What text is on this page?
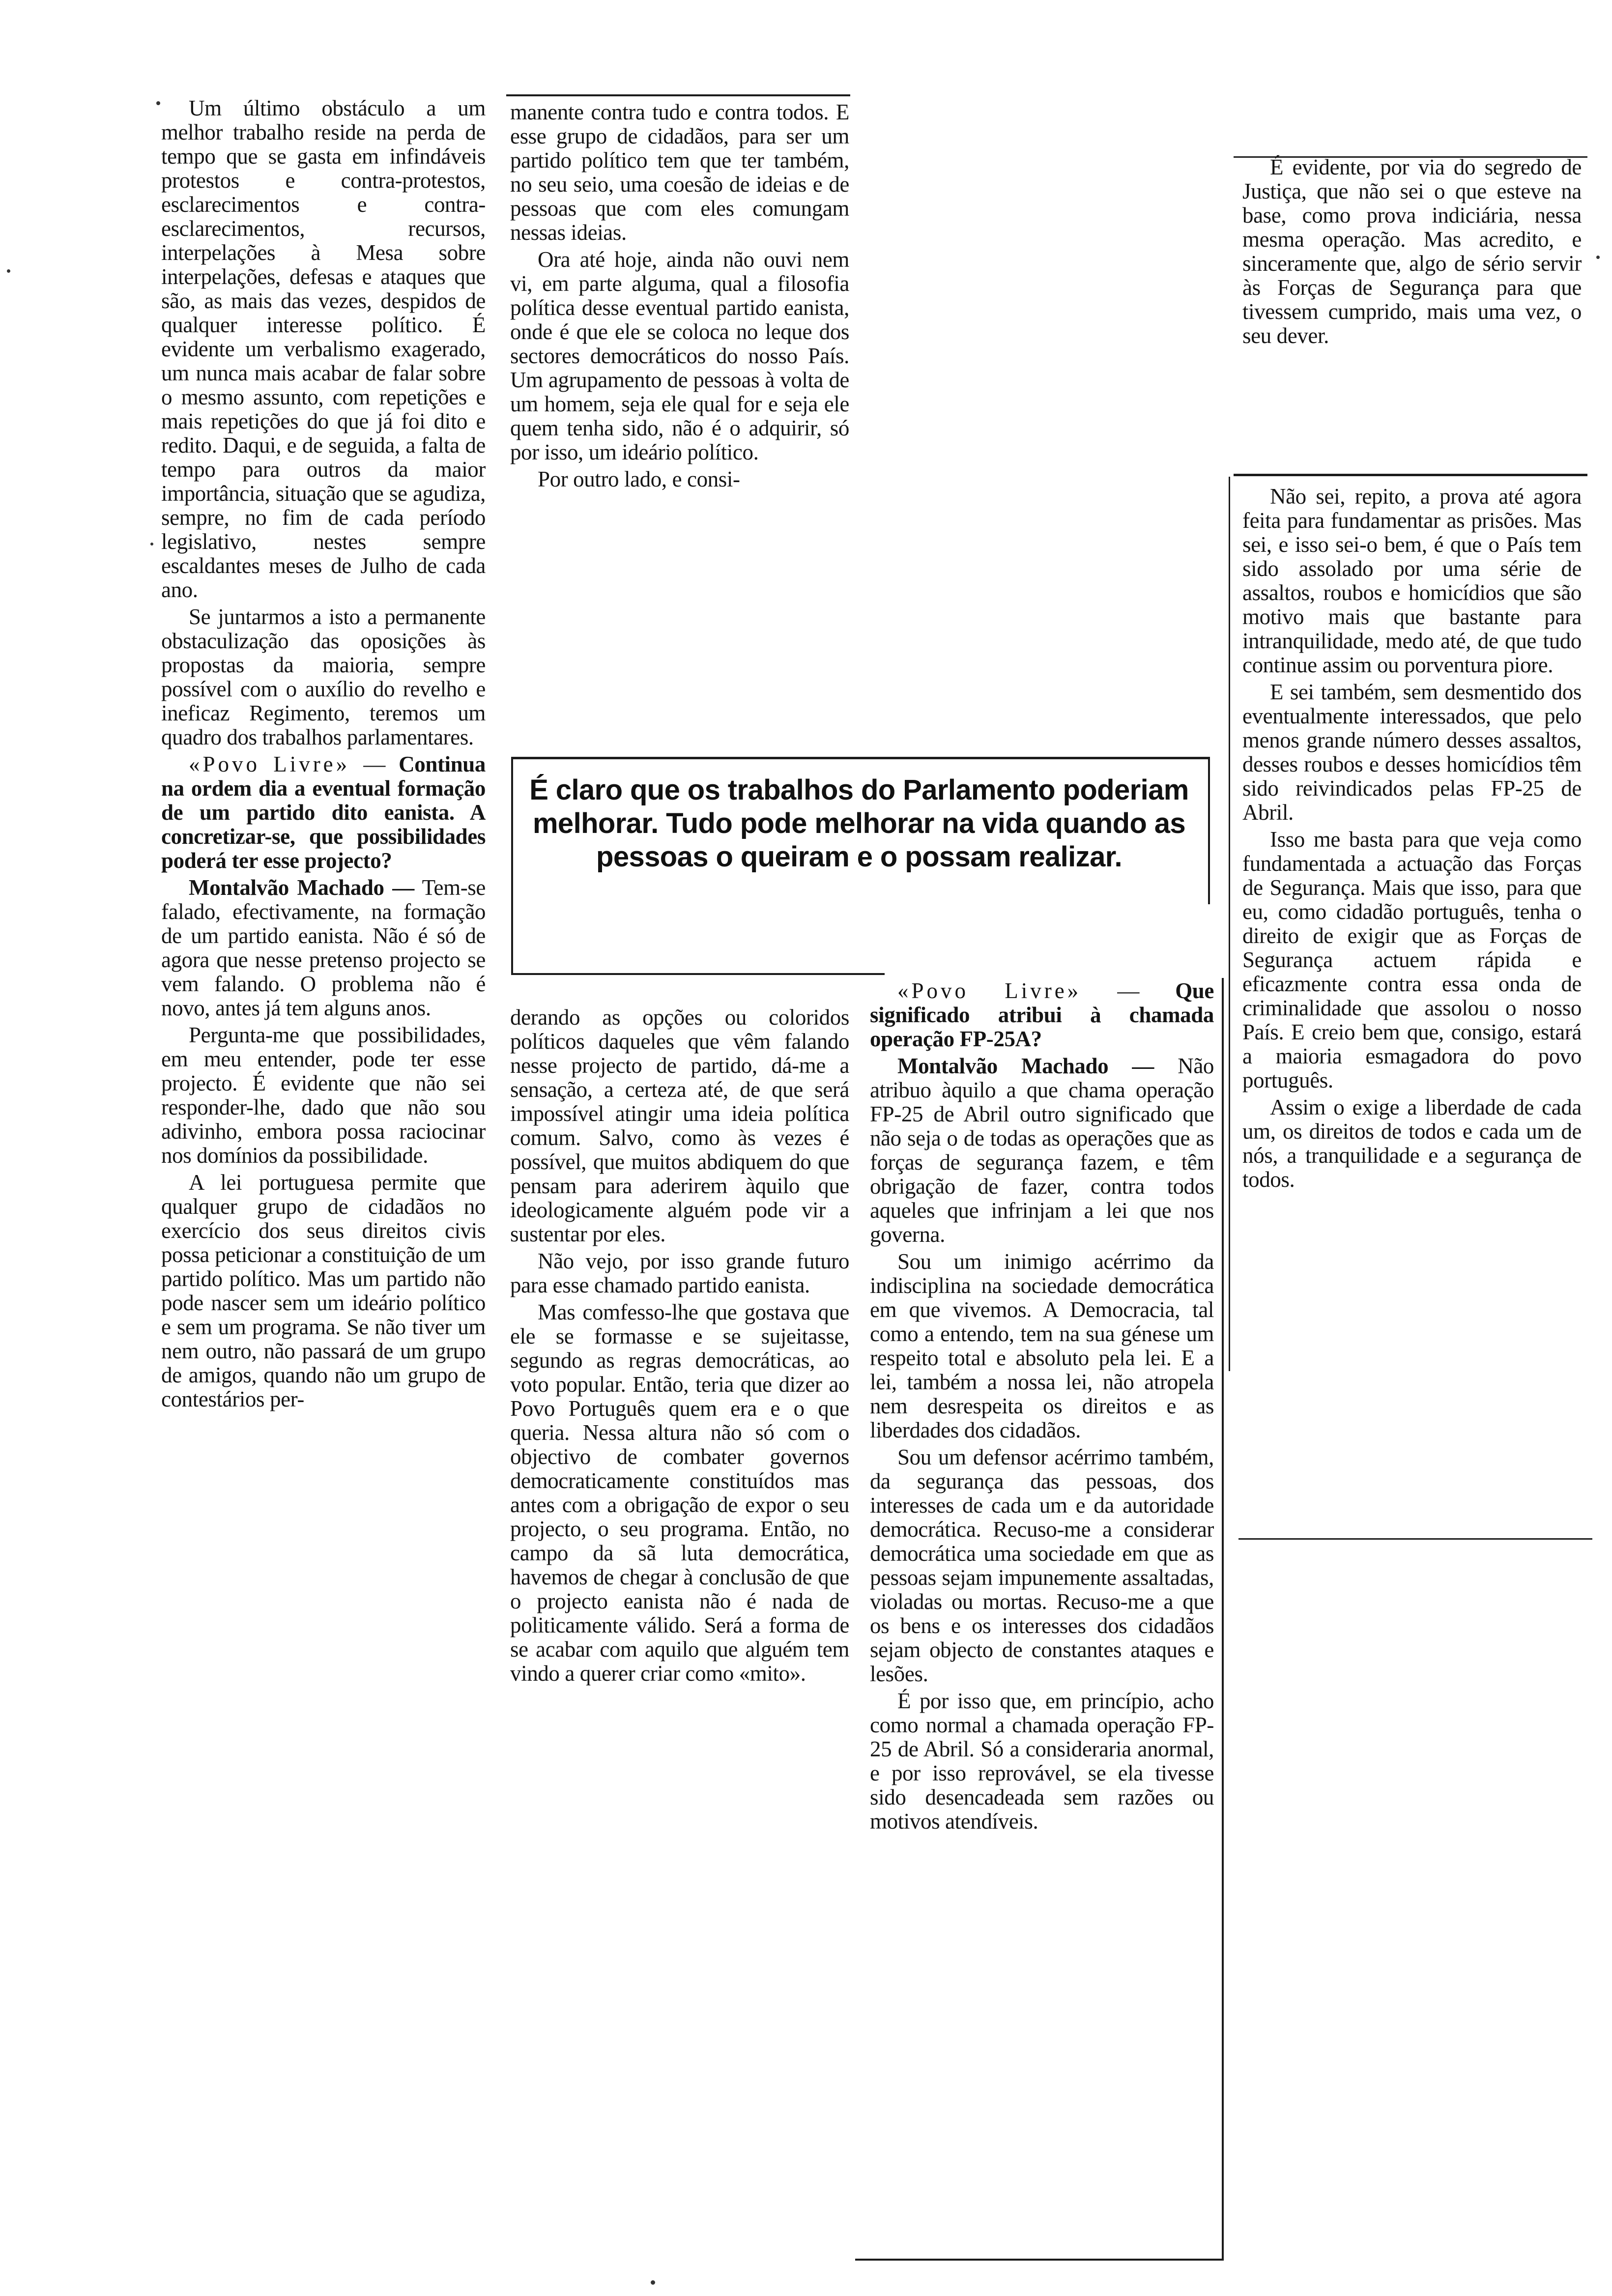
Um último obstáculo a um melhor trabalho reside na perda de tempo que se gasta em infindáveis protestos e contra-protestos, esclarecimentos e contra-esclarecimentos, recursos, interpelações à Mesa sobre interpelações, defesas e ataques que são, as mais das vezes, despidos de qualquer interesse político. É evidente um verbalismo exagerado, um nunca mais acabar de falar sobre o mesmo assunto, com repetições e mais repetições do que já foi dito e redito. Daqui, e de seguida, a falta de tempo para outros da maior importância, situação que se agudiza, sempre, no fim de cada período legislativo, nestes sempre escaldantes meses de Julho de cada ano.

Se juntarmos a isto a permanente obstaculização das oposições às propostas da maioria, sempre possível com o auxílio do revelho e ineficaz Regimento, teremos um quadro dos trabalhos parlamentares.

«Povo Livre» — Continua na ordem dia a eventual formação de um partido dito eanista. A concretizar-se, que possibilidades poderá ter esse projecto?

Montalvão Machado — Tem-se falado, efectivamente, na formação de um partido eanista. Não é só de agora que nesse pretenso projecto se vem falando. O problema não é novo, antes já tem alguns anos.

Pergunta-me que possibilidades, em meu entender, pode ter esse projecto. É evidente que não sei responder-lhe, dado que não sou adivinho, embora possa raciocinar nos domínios da possibilidade.

A lei portuguesa permite que qualquer grupo de cidadãos no exercício dos seus direitos civis possa peticionar a constituição de um partido político. Mas um partido não pode nascer sem um ideário político e sem um programa. Se não tiver um nem outro, não passará de um grupo de amigos, quando não um grupo de contestários per-

manente contra tudo e contra todos. E esse grupo de cidadãos, para ser um partido político tem que ter também, no seu seio, uma coesão de ideias e de pessoas que com eles comungam nessas ideias.

Ora até hoje, ainda não ouvi nem vi, em parte alguma, qual a filosofia política desse eventual partido eanista, onde é que ele se coloca no leque dos sectores democráticos do nosso País. Um agrupamento de pessoas à volta de um homem, seja ele qual for e seja ele quem tenha sido, não é o adquirir, só por isso, um ideário político.

Por outro lado, e consi-

É claro que os trabalhos do Parlamento poderiam melhorar. Tudo pode melhorar na vida quando as pessoas o queiram e o possam realizar.

derando as opções ou coloridos políticos daqueles que vêm falando nesse projecto de partido, dá-me a sensação, a certeza até, de que será impossível atingir uma ideia política comum. Salvo, como às vezes é possível, que muitos abdiquem do que pensam para aderirem àquilo que ideologicamente alguém pode vir a sustentar por eles.

Não vejo, por isso grande futuro para esse chamado partido eanista.

Mas comfesso-lhe que gostava que ele se formasse e se sujeitasse, segundo as regras democráticas, ao voto popular. Então, teria que dizer ao Povo Português quem era e o que queria. Nessa altura não só com o objectivo de combater governos democraticamente constituídos mas antes com a obrigação de expor o seu projecto, o seu programa. Então, no campo da sã luta democrática, havemos de chegar à conclusão de que o projecto eanista não é nada de politicamente válido. Será a forma de se acabar com aquilo que alguém tem vindo a querer criar como «mito».

«Povo Livre» — Que significado atribui à chamada operação FP-25A?

Montalvão Machado — Não atribuo àquilo a que chama operação FP-25 de Abril outro significado que não seja o de todas as operações que as forças de segurança fazem, e têm obrigação de fazer, contra todos aqueles que infrinjam a lei que nos governa.

Sou um inimigo acérrimo da indisciplina na sociedade democrática em que vivemos. A Democracia, tal como a entendo, tem na sua génese um respeito total e absoluto pela lei. E a lei, também a nossa lei, não atropela nem desrespeita os direitos e as liberdades dos cidadãos.

Sou um defensor acérrimo também, da segurança das pessoas, dos interesses de cada um e da autoridade democrática. Recuso-me a considerar democrática uma sociedade em que as pessoas sejam impunemente assaltadas, violadas ou mortas. Recuso-me a que os bens e os interesses dos cidadãos sejam objecto de constantes ataques e lesões.

É por isso que, em princípio, acho como normal a chamada operação FP-25 de Abril. Só a consideraria anormal, e por isso reprovável, se ela tivesse sido desencadeada sem razões ou motivos atendíveis.

É evidente, por via do segredo de Justiça, que não sei o que esteve na base, como prova indiciária, nessa mesma operação. Mas acredito, e sinceramente que, algo de sério servir às Forças de Segurança para que tivessem cumprido, mais uma vez, o seu dever.

Não sei, repito, a prova até agora feita para fundamentar as prisões. Mas sei, e isso sei-o bem, é que o País tem sido assolado por uma série de assaltos, roubos e homicídios que são motivo mais que bastante para intranquilidade, medo até, de que tudo continue assim ou porventura piore.

E sei também, sem desmentido dos eventualmente interessados, que pelo menos grande número desses assaltos, desses roubos e desses homicídios têm sido reivindicados pelas FP-25 de Abril.

Isso me basta para que veja como fundamentada a actuação das Forças de Segurança. Mais que isso, para que eu, como cidadão português, tenha o direito de exigir que as Forças de Segurança actuem rápida e eficazmente contra essa onda de criminalidade que assolou o nosso País. E creio bem que, consigo, estará a maioria esmagadora do povo português.

Assim o exige a liberdade de cada um, os direitos de todos e cada um de nós, a tranquilidade e a segurança de todos.
